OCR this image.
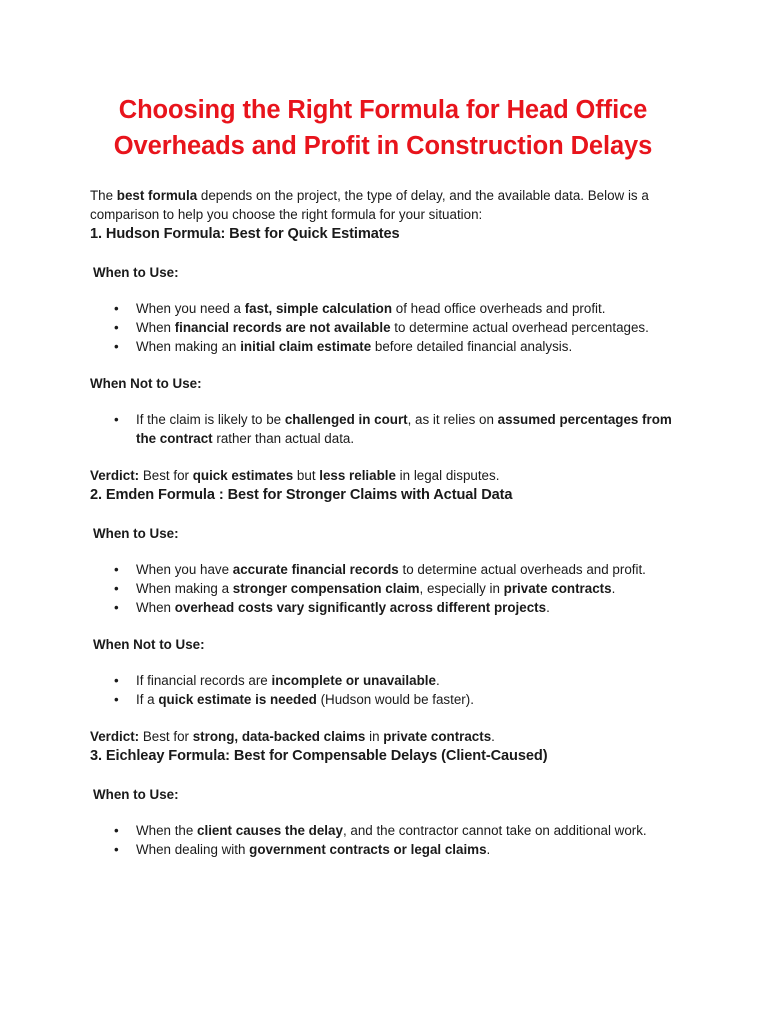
Choosing the Right Formula for Head Office
Overheads and Profit in Construction Delays

The best formula depends on the project, the type of delay, and the available data. Below is a comparison to help you choose the right formula for your situation:

1. Hudson Formula: Best for Quick Estimates
When to Use:
• When you need a fast, simple calculation of head office overheads and profit.
• When financial records are not available to determine actual overhead percentages.
• When making an initial claim estimate before detailed financial analysis.
When Not to Use:
• If the claim is likely to be challenged in court, as it relies on assumed percentages from the contract rather than actual data.

Verdict: Best for quick estimates but less reliable in legal disputes.

2. Emden Formula : Best for Stronger Claims with Actual Data
When to Use:
• When you have accurate financial records to determine actual overheads and profit.
• When making a stronger compensation claim, especially in private contracts.
• When overhead costs vary significantly across different projects.
When Not to Use:
• If financial records are incomplete or unavailable.
• If a quick estimate is needed (Hudson would be faster).

Verdict: Best for strong, data-backed claims in private contracts.

3. Eichleay Formula: Best for Compensable Delays (Client-Caused)
When to Use:
• When the client causes the delay, and the contractor cannot take on additional work.
• When dealing with government contracts or legal claims.
